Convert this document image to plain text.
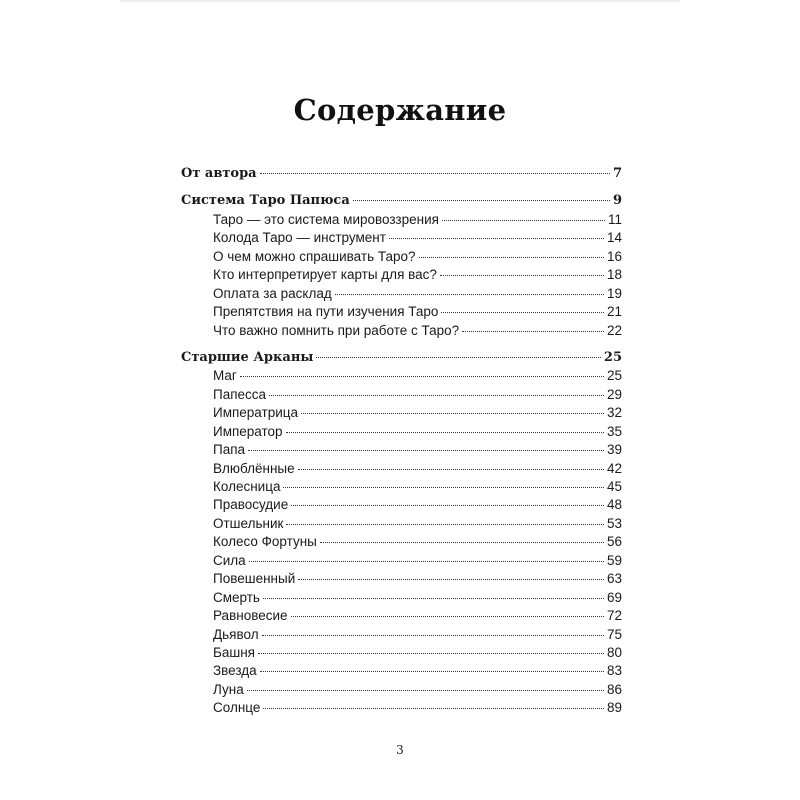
Содержание
От автора	7
Система Таро Папюса	9
Таро — это система мировоззрения	11
Колода Таро — инструмент	14
О чем можно спрашивать Таро?	16
Кто интерпретирует карты для вас?	18
Оплата за расклад	19
Препятствия на пути изучения Таро	21
Что важно помнить при работе с Таро?	22
Старшие Арканы	25
Маг	25
Папесса	29
Императрица	32
Император	35
Папа	39
Влюблённые	42
Колесница	45
Правосудие	48
Отшельник	53
Колесо Фортуны	56
Сила	59
Повешенный	63
Смерть	69
Равновесие	72
Дьявол	75
Башня	80
Звезда	83
Луна	86
Солнце	89
3
